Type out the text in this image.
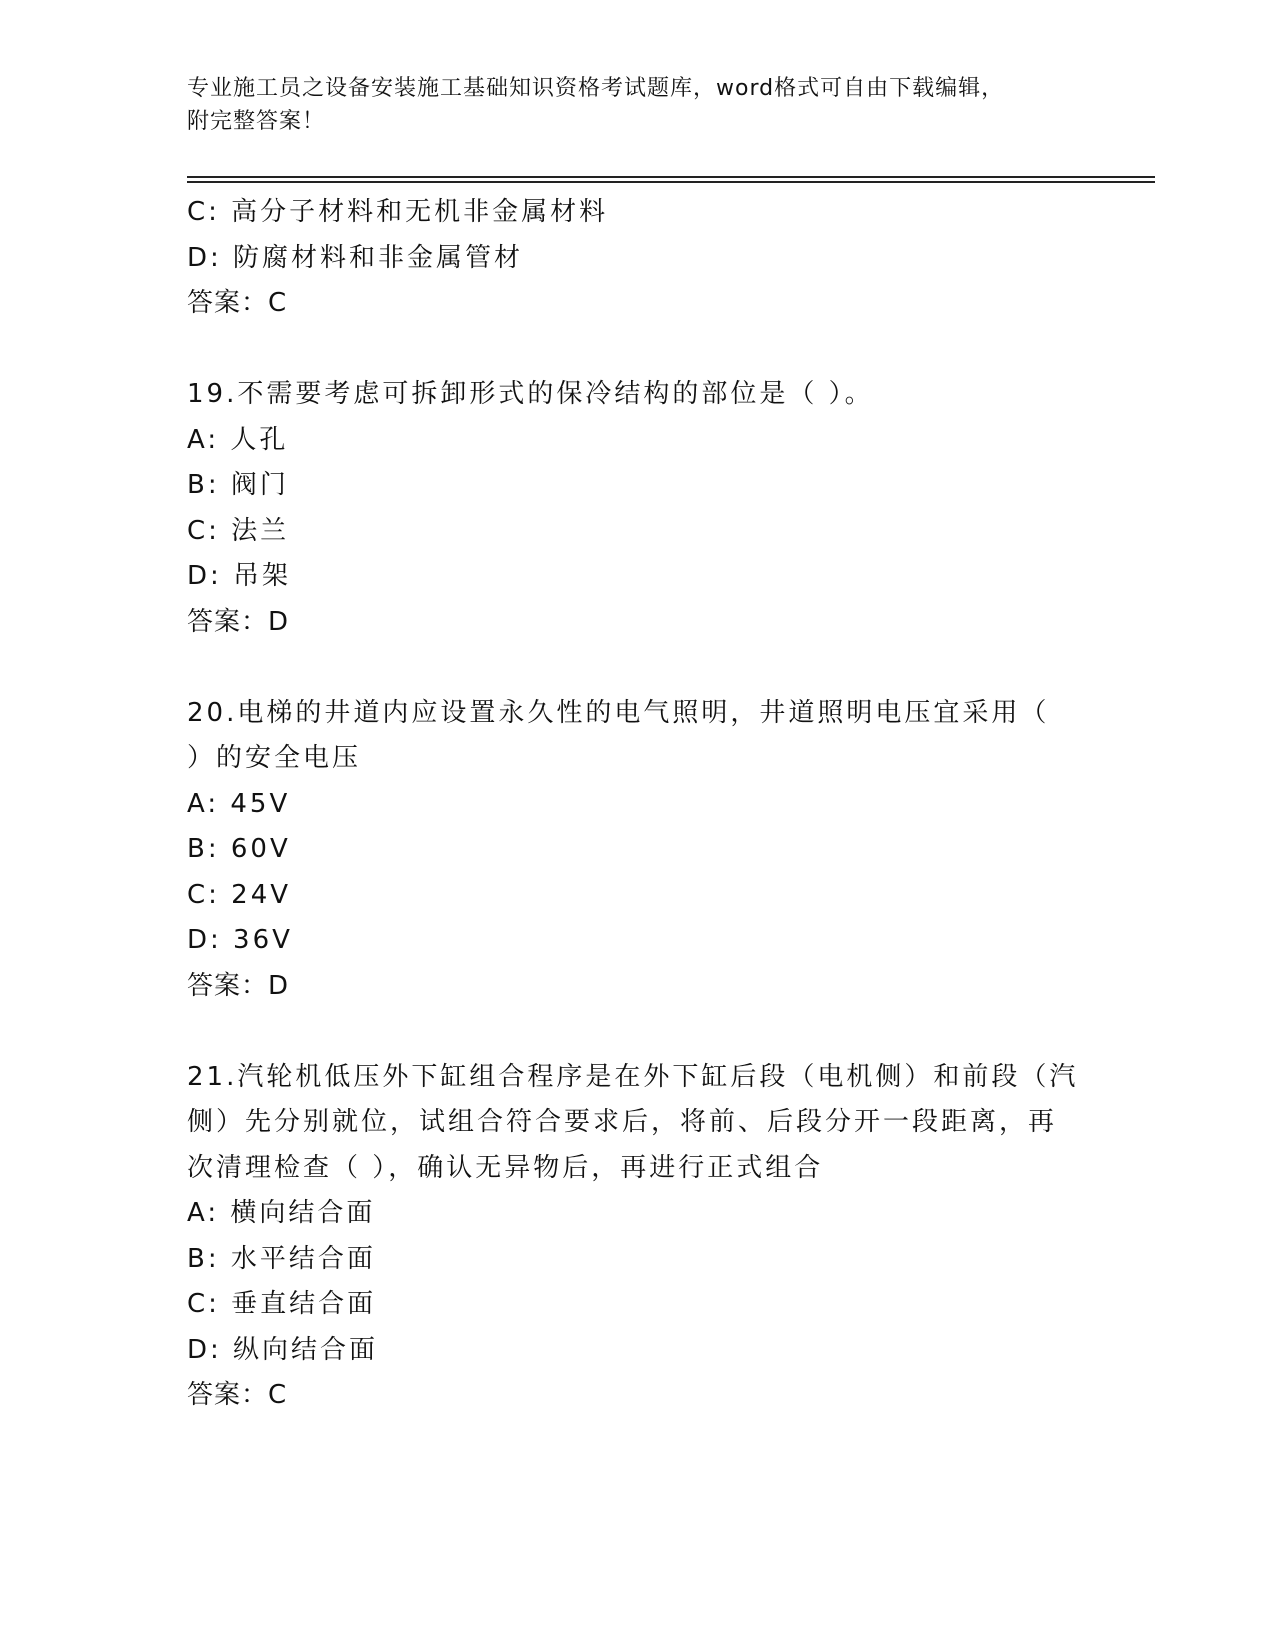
专业施工员之设备安装施工基础知识资格考试题库，word格式可自由下载编辑，
附完整答案！
C: 高分子材料和无机非金属材料
D: 防腐材料和非金属管材
答案：C
19.不需要考虑可拆卸形式的保冷结构的部位是（ ）。
A: 人孔
B: 阀门
C: 法兰
D: 吊架
答案：D
20.电梯的井道内应设置永久性的电气照明，井道照明电压宜采用（
）的安全电压
A: 45V
B: 60V
C: 24V
D: 36V
答案：D
21.汽轮机低压外下缸组合程序是在外下缸后段（电机侧）和前段（汽
侧）先分别就位，试组合符合要求后，将前、后段分开一段距离，再
次清理检查（ ），确认无异物后，再进行正式组合
A: 横向结合面
B: 水平结合面
C: 垂直结合面
D: 纵向结合面
答案：C
